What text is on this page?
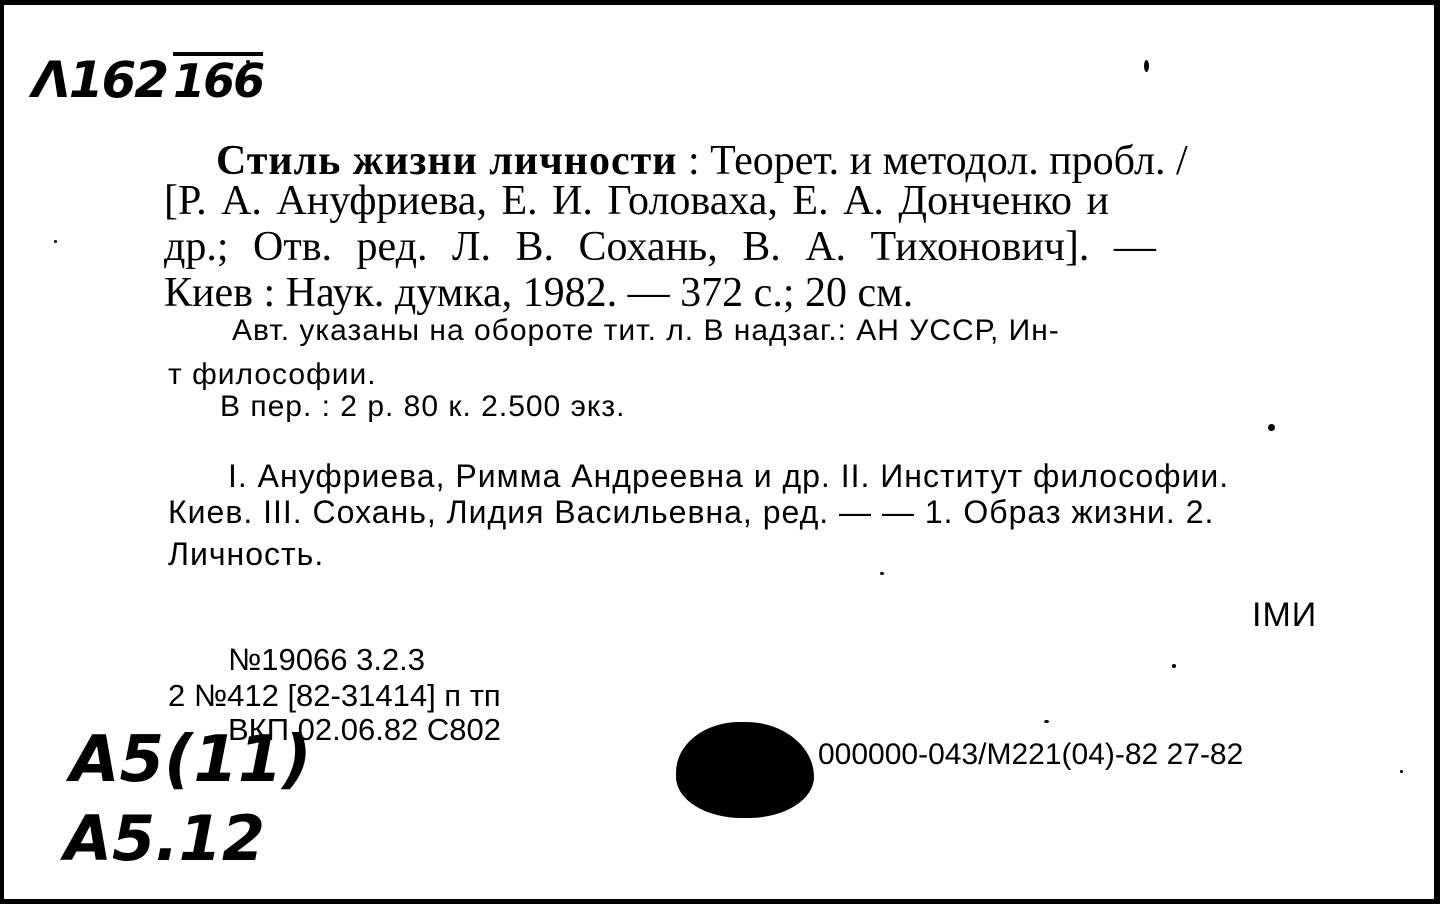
Λ162 166
Стиль жизни личности : Теорет. и методол. пробл. /
[Р. А. Ануфриева, Е. И. Головаха, Е. А. Донченко и
др.; Отв. ред. Л. В. Сохань, В. А. Тихонович]. —
Киев : Наук. думка, 1982. — 372 с.; 20 см.
Авт. указаны на обороте тит. л. В надзаг.: АН УССР, Ин-
т философии.
В пер. : 2 р. 80 к. 2.500 экз.
I. Ануфриева, Римма Андреевна и др. II. Институт философии.
Киев. III. Сохань, Лидия Васильевна, ред. — — 1. Образ жизни. 2.
Личность.
IМИ
№19066 3.2.3
2 №412 [82-31414] п тп
ВКП 02.06.82 С802
000000-043/М221(04)-82 27-82
А5(11)
А5.12
